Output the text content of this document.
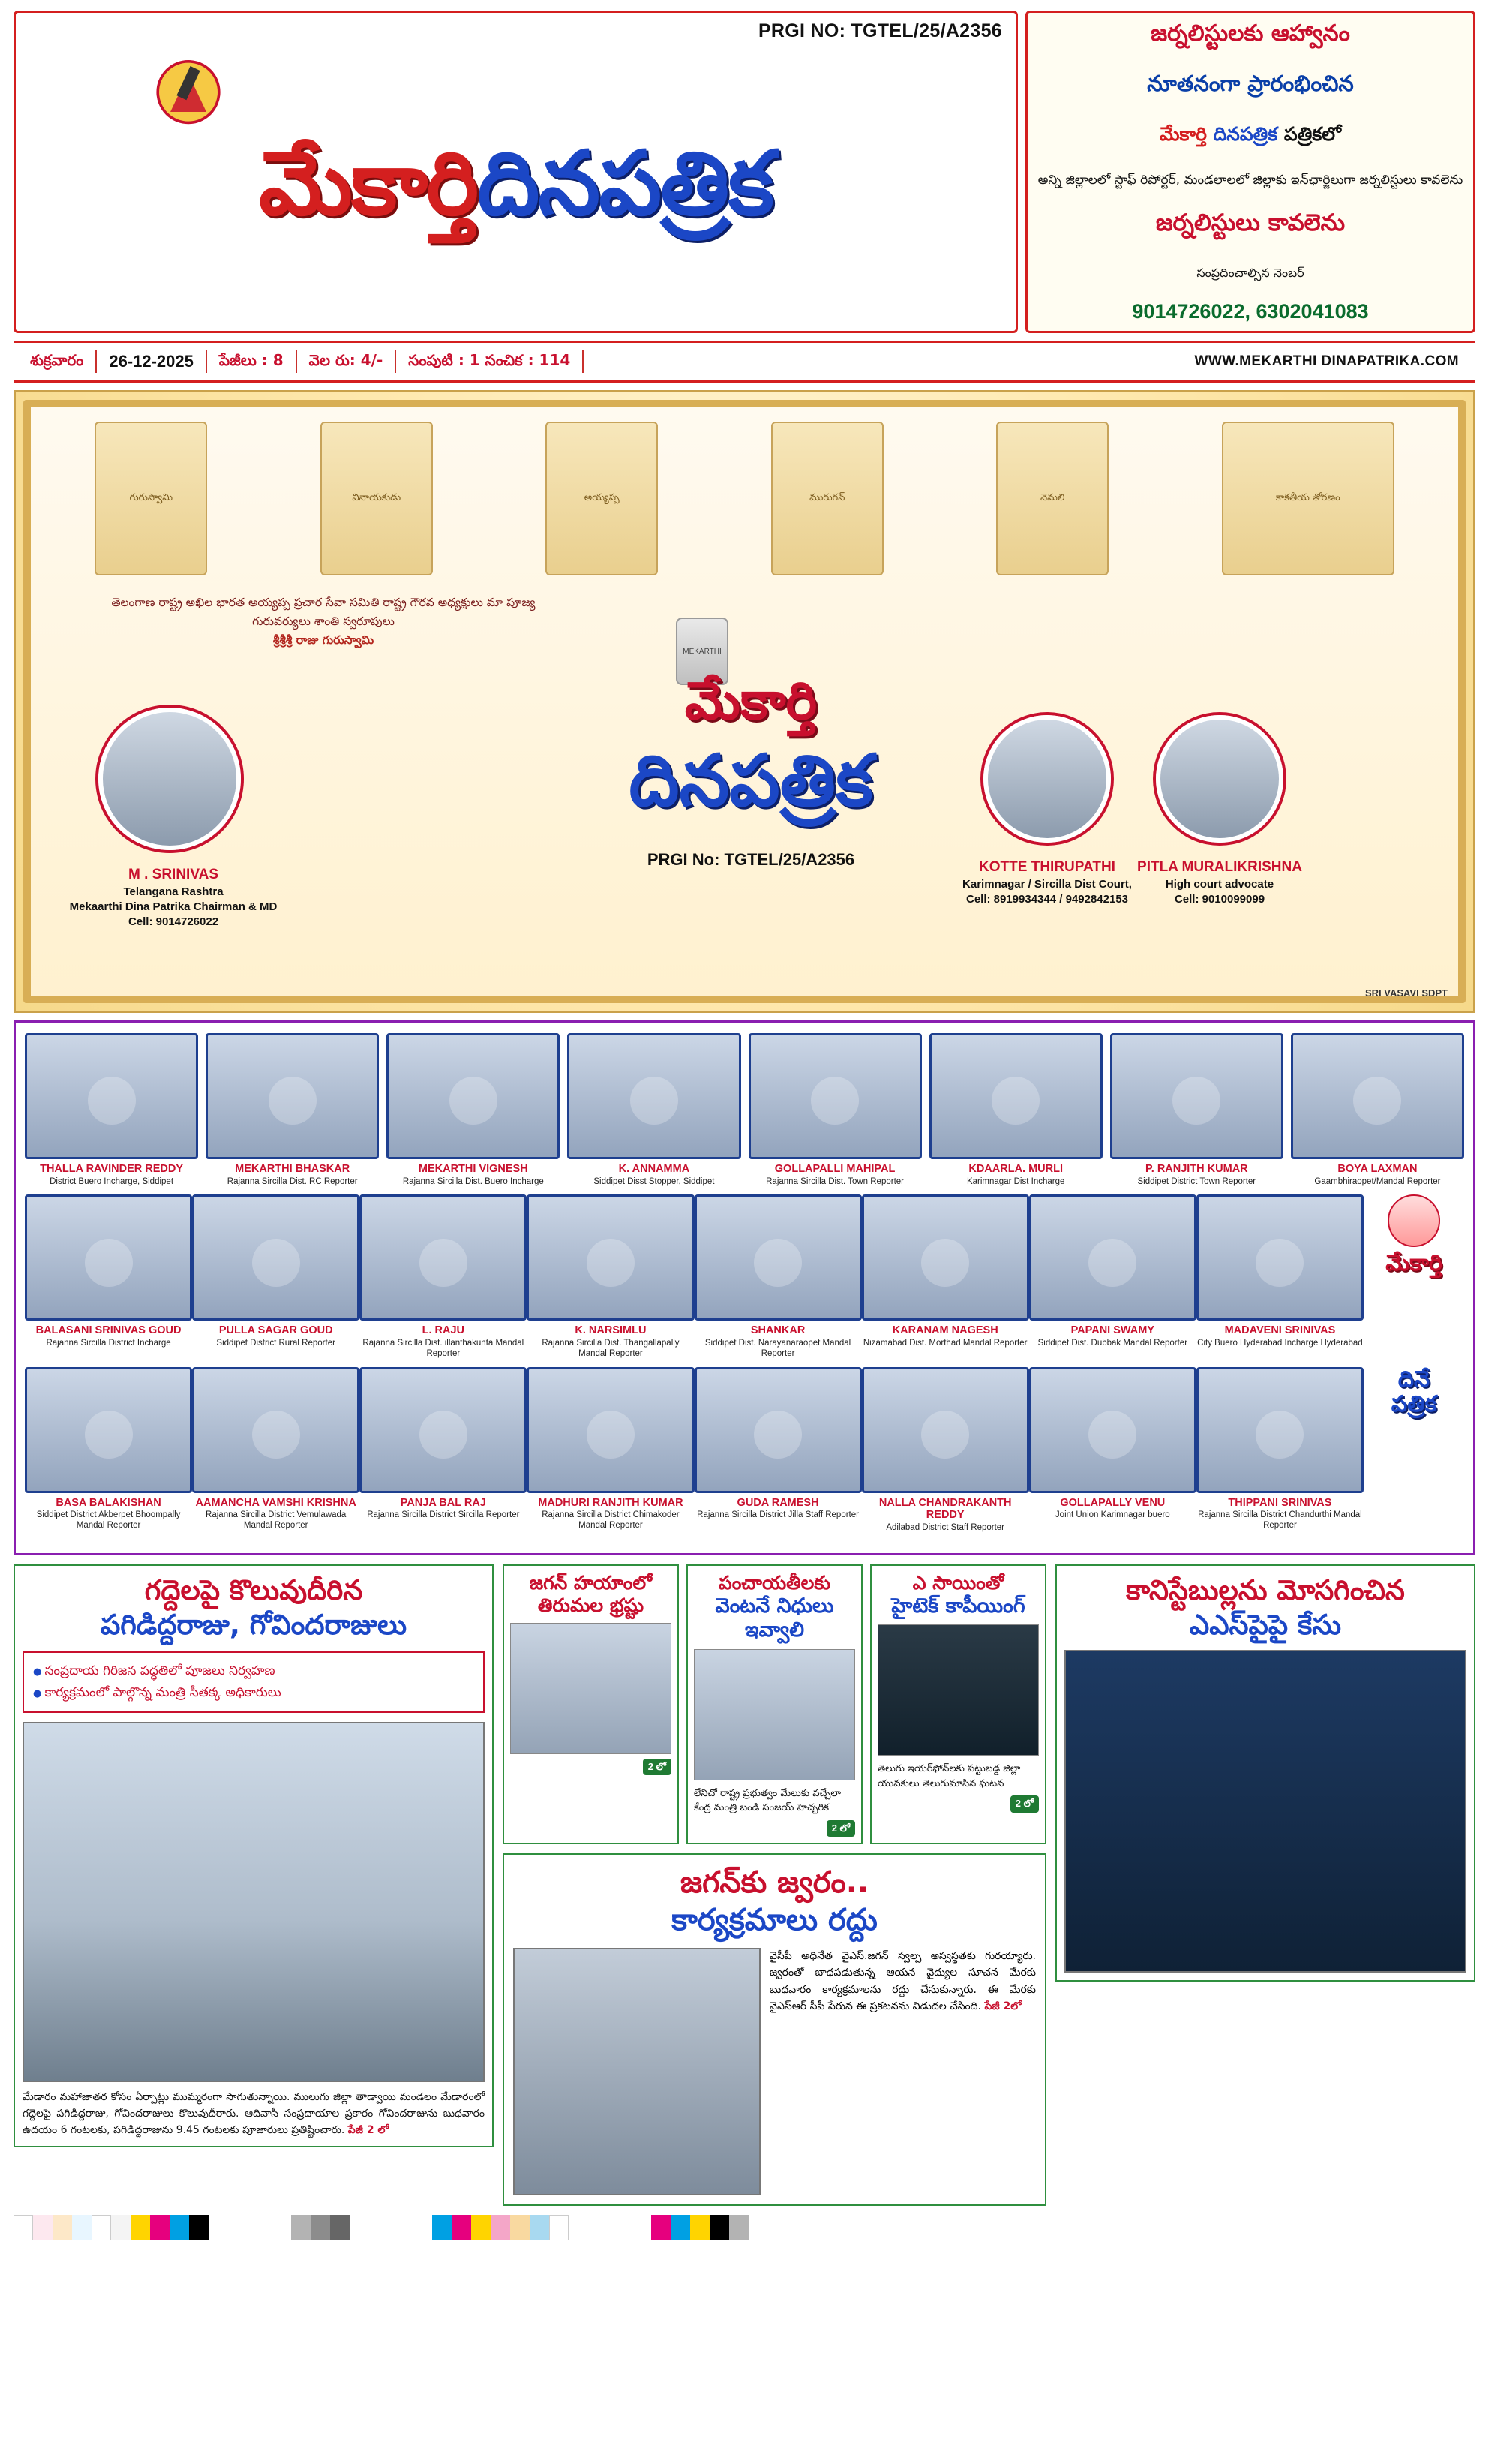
PRGI NO: TGTEL/25/A2356
మేకార్తిదినపత్రిక
జర్నలిస్టులకు ఆహ్వానం
నూతనంగా ప్రారంభించిన
మేకార్తి దినపత్రిక పత్రికలో
అన్ని జిల్లాలలో స్టాఫ్‌ రిపోర్టర్‌, మండలాలలో జిల్లాకు ఇన్‌ఛార్జిలుగా జర్నలిస్టులు కావలెను
జర్నలిస్టులు కావలెను
సంప్రదించాల్సిన నెంబర్‌
9014726022, 6302041083
శుక్రవారం	26-12-2025	పేజీలు : 8	వెల రు: 4/-	సంపుటి : 1 సంచిక : 114	WWW.MEKARTHI DINAPATRIKA.COM
గురుస్వామి	వినాయకుడు	అయ్యప్ప	మురుగన్	నెమలి	కాకతీయ తోరణం
తెలంగాణ రాష్ట్ర అఖిల భారత అయ్యప్ప ప్రచార సేవా సమితి రాష్ట్ర గౌరవ అధ్యక్షులు మా పూజ్య గురువర్యులు శాంతి స్వరూపులు
శ్రీశ్రీశ్రీ రాజు గురుస్వామి
MEKARTHI
మేకార్తి
దినపత్రిక
PRGI No: TGTEL/25/A2356
M . SRINIVAS
Telangana Rashtra
Mekaarthi Dina Patrika Chairman & MD
Cell: 9014726022
KOTTE THIRUPATHI
Karimnagar / Sircilla Dist Court,
Cell: 8919934344 / 9492842153
PITLA MURALIKRISHNA
High court advocate
Cell: 9010099099
SRI VASAVI SDPT
THALLA RAVINDER REDDY
District Buero Incharge, Siddipet
MEKARTHI BHASKAR
Rajanna Sircilla Dist. RC Reporter
MEKARTHI VIGNESH
Rajanna Sircilla Dist. Buero Incharge
K. ANNAMMA
Siddipet Disst Stopper, Siddipet
GOLLAPALLI MAHIPAL
Rajanna Sircilla Dist. Town Reporter
KDAARLA. MURLI
Karimnagar Dist Incharge
P. RANJITH KUMAR
Siddipet District Town Reporter
BOYA LAXMAN
Gaambhiraopet/Mandal Reporter
BALASANI SRINIVAS GOUD
Rajanna Sircilla District Incharge
PULLA SAGAR GOUD
Siddipet District Rural Reporter
L. RAJU
Rajanna Sircilla Dist. illanthakunta Mandal Reporter
K. NARSIMLU
Rajanna Sircilla Dist. Thangallapally Mandal Reporter
SHANKAR
Siddipet Dist. Narayanaraopet Mandal Reporter
KARANAM NAGESH
Nizamabad Dist. Morthad Mandal Reporter
PAPANI SWAMY
Siddipet Dist. Dubbak Mandal Reporter
MADAVENI SRINIVAS
City Buero Hyderabad Incharge Hyderabad
మేకార్తి
BASA BALAKISHAN
Siddipet District Akberpet Bhoompally Mandal Reporter
AAMANCHA VAMSHI KRISHNA
Rajanna Sircilla District Vemulawada Mandal Reporter
PANJA BAL RAJ
Rajanna Sircilla District Sircilla Reporter
MADHURI RANJITH KUMAR
Rajanna Sircilla District Chimakoder Mandal Reporter
GUDA RAMESH
Rajanna Sircilla District Jilla Staff Reporter
NALLA CHANDRAKANTH REDDY
Adilabad District Staff Reporter
GOLLAPALLY VENU
Joint Union Karimnagar buero
THIPPANI SRINIVAS
Rajanna Sircilla District Chandurthi Mandal Reporter
దినే
పత్రిక
గద్దెలపై కొలువుదీరిన
పగిడిద్దరాజు, గోవిందరాజులు
● సంప్రదాయ గిరిజన పద్ధతిలో పూజలు నిర్వహణ
● కార్యక్రమంలో పాల్గొన్న మంత్రి సీతక్క అధికారులు
మేడారం మహాజాతర కోసం ఏర్పాట్లు ముమ్మరంగా సాగుతున్నాయి. ములుగు జిల్లా తాడ్వాయి మండలం మేడారంలో గద్దెలపై పగిడిద్దరాజు, గోవిందరాజులు కొలువుదీరారు. ఆదివాసీ సంప్రదాయాల ప్రకారం గోవిందరాజును బుధవారం ఉదయం 6 గంటలకు, పగిడిద్దరాజును 9.45 గంటలకు పూజారులు ప్రతిష్టించారు. పేజీ 2 లో
జగన్ హయాంలో తిరుమల భ్రష్టు
2 లో
పంచాయతీలకు
వెంటనే నిధులు ఇవ్వాలి
లేనిచో రాష్ట్ర ప్రభుత్వం మేలుకు వచ్చేలా కేంద్ర మంత్రి బండి సంజయ్ హెచ్చరిక
2 లో
ఎ సాయింతో
హైటెక్ కాపీయింగ్
తెలుగు ఇయర్‌ఫోన్‌లకు పట్టుబడ్డ జిల్లా యువకులు తెలుగుమాసిన ఘటన
2 లో
జగన్‌కు జ్వరం..
కార్యక్రమాలు రద్దు
వైసీపీ అధినేత వైఎస్.జగన్ స్వల్ప అస్వస్థతకు గురయ్యారు. జ్వరంతో బాధపడుతున్న ఆయన వైద్యుల సూచన మేరకు బుధవారం కార్యక్రమాలను రద్దు చేసుకున్నారు. ఈ మేరకు వైఎస్‌ఆర్ సీపీ పేరున ఈ ప్రకటనను విడుదల చేసింది. పేజీ 2లో
కానిస్టేబుల్లను మోసగించిన
ఎఎస్‌పైపై కేసు
